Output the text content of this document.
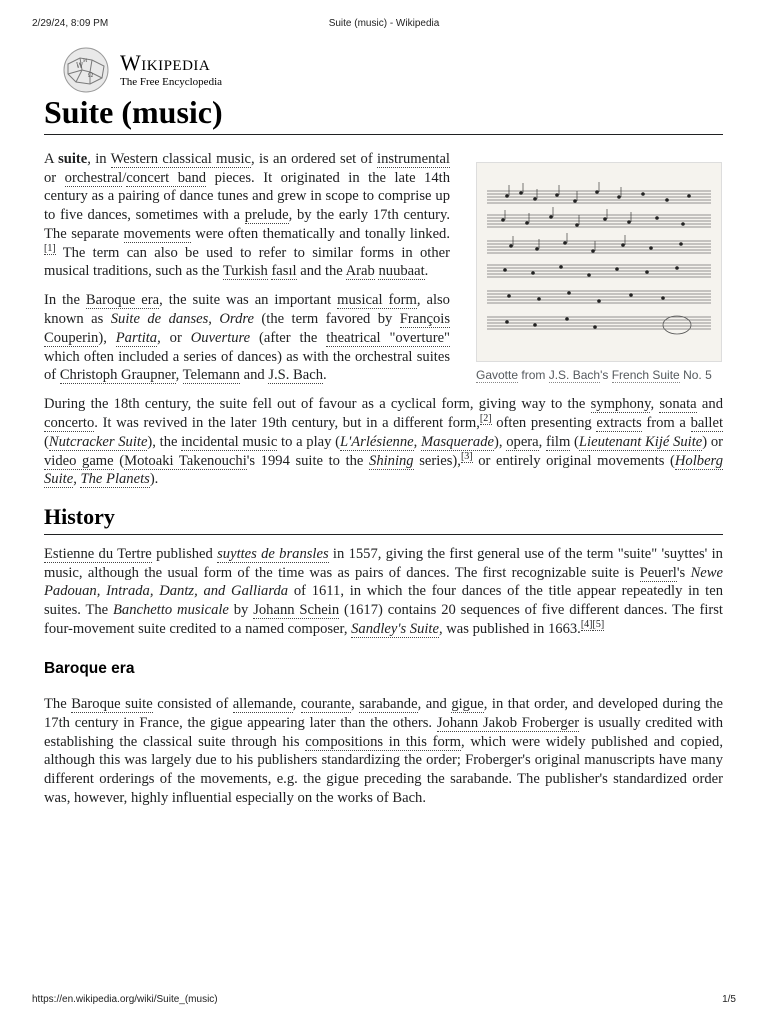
2/29/24, 8:09 PM	Suite (music) - Wikipedia
W
Ω
И Wikipedia
The Free Encyclopedia
Suite (music)
Gavotte from J.S. Bach's French Suite No. 5

A suite, in Western classical music, is an ordered set of instrumental or orchestral/concert band pieces. It originated in the late 14th century as a pairing of dance tunes and grew in scope to comprise up to five dances, sometimes with a prelude, by the early 17th century. The separate movements were often thematically and tonally linked.[1] The term can also be used to refer to similar forms in other musical traditions, such as the Turkish fasıl and the Arab nuubaat.

In the Baroque era, the suite was an important musical form, also known as Suite de danses, Ordre (the term favored by François Couperin), Partita, or Ouverture (after the theatrical "overture" which often included a series of dances) as with the orchestral suites of Christoph Graupner, Telemann and J.S. Bach.

During the 18th century, the suite fell out of favour as a cyclical form, giving way to the symphony, sonata and concerto. It was revived in the later 19th century, but in a different form,[2] often presenting extracts from a ballet (Nutcracker Suite), the incidental music to a play (L'Arlésienne, Masquerade), opera, film (Lieutenant Kijé Suite) or video game (Motoaki Takenouchi's 1994 suite to the Shining series),[3] or entirely original movements (Holberg Suite, The Planets).

History

Estienne du Tertre published suyttes de bransles in 1557, giving the first general use of the term "suite" 'suyttes' in music, although the usual form of the time was as pairs of dances. The first recognizable suite is Peuerl's Newe Padouan, Intrada, Dantz, and Galliarda of 1611, in which the four dances of the title appear repeatedly in ten suites. The Banchetto musicale by Johann Schein (1617) contains 20 sequences of five different dances. The first four-movement suite credited to a named composer, Sandley's Suite, was published in 1663.[4][5]

Baroque era

The Baroque suite consisted of allemande, courante, sarabande, and gigue, in that order, and developed during the 17th century in France, the gigue appearing later than the others. Johann Jakob Froberger is usually credited with establishing the classical suite through his compositions in this form, which were widely published and copied, although this was largely due to his publishers standardizing the order; Froberger's original manuscripts have many different orderings of the movements, e.g. the gigue preceding the sarabande. The publisher's standardized order was, however, highly influential especially on the works of Bach.

https://en.wikipedia.org/wiki/Suite_(music)	1/5
